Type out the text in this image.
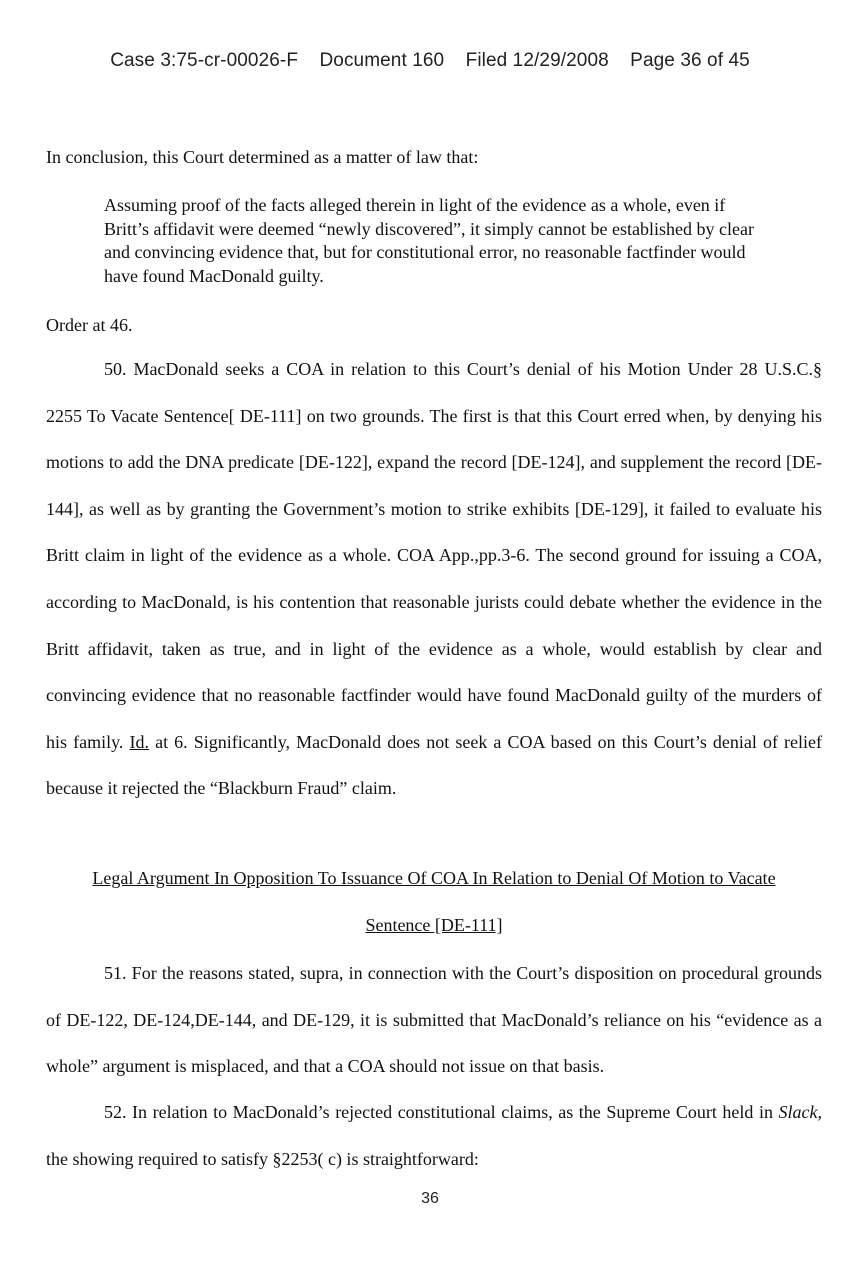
Case 3:75-cr-00026-F Document 160 Filed 12/29/2008 Page 36 of 45
In conclusion, this Court determined as a matter of law that:
Assuming proof of the facts alleged therein in light of the evidence as a whole, even if Britt’s affidavit were deemed “newly discovered”, it simply cannot be established by clear and convincing evidence that, but for constitutional error, no reasonable factfinder would have found MacDonald guilty.
Order at 46.
50. MacDonald seeks a COA in relation to this Court’s denial of his Motion Under 28 U.S.C.§ 2255 To Vacate Sentence[ DE-111] on two grounds. The first is that this Court erred when, by denying his motions to add the DNA predicate [DE-122], expand the record [DE-124], and supplement the record [DE-144], as well as by granting the Government’s motion to strike exhibits [DE-129], it failed to evaluate his Britt claim in light of the evidence as a whole. COA App.,pp.3-6. The second ground for issuing a COA, according to MacDonald, is his contention that reasonable jurists could debate whether the evidence in the Britt affidavit, taken as true, and in light of the evidence as a whole, would establish by clear and convincing evidence that no reasonable factfinder would have found MacDonald guilty of the murders of his family. Id. at 6. Significantly, MacDonald does not seek a COA based on this Court’s denial of relief because it rejected the “Blackburn Fraud” claim.
Legal Argument In Opposition To Issuance Of COA In Relation to Denial Of Motion to Vacate
Sentence [DE-111]
51. For the reasons stated, supra, in connection with the Court’s disposition on procedural grounds of DE-122, DE-124,DE-144, and DE-129, it is submitted that MacDonald’s reliance on his “evidence as a whole” argument is misplaced, and that a COA should not issue on that basis.
52. In relation to MacDonald’s rejected constitutional claims, as the Supreme Court held in Slack, the showing required to satisfy §2253( c) is straightforward:
36
